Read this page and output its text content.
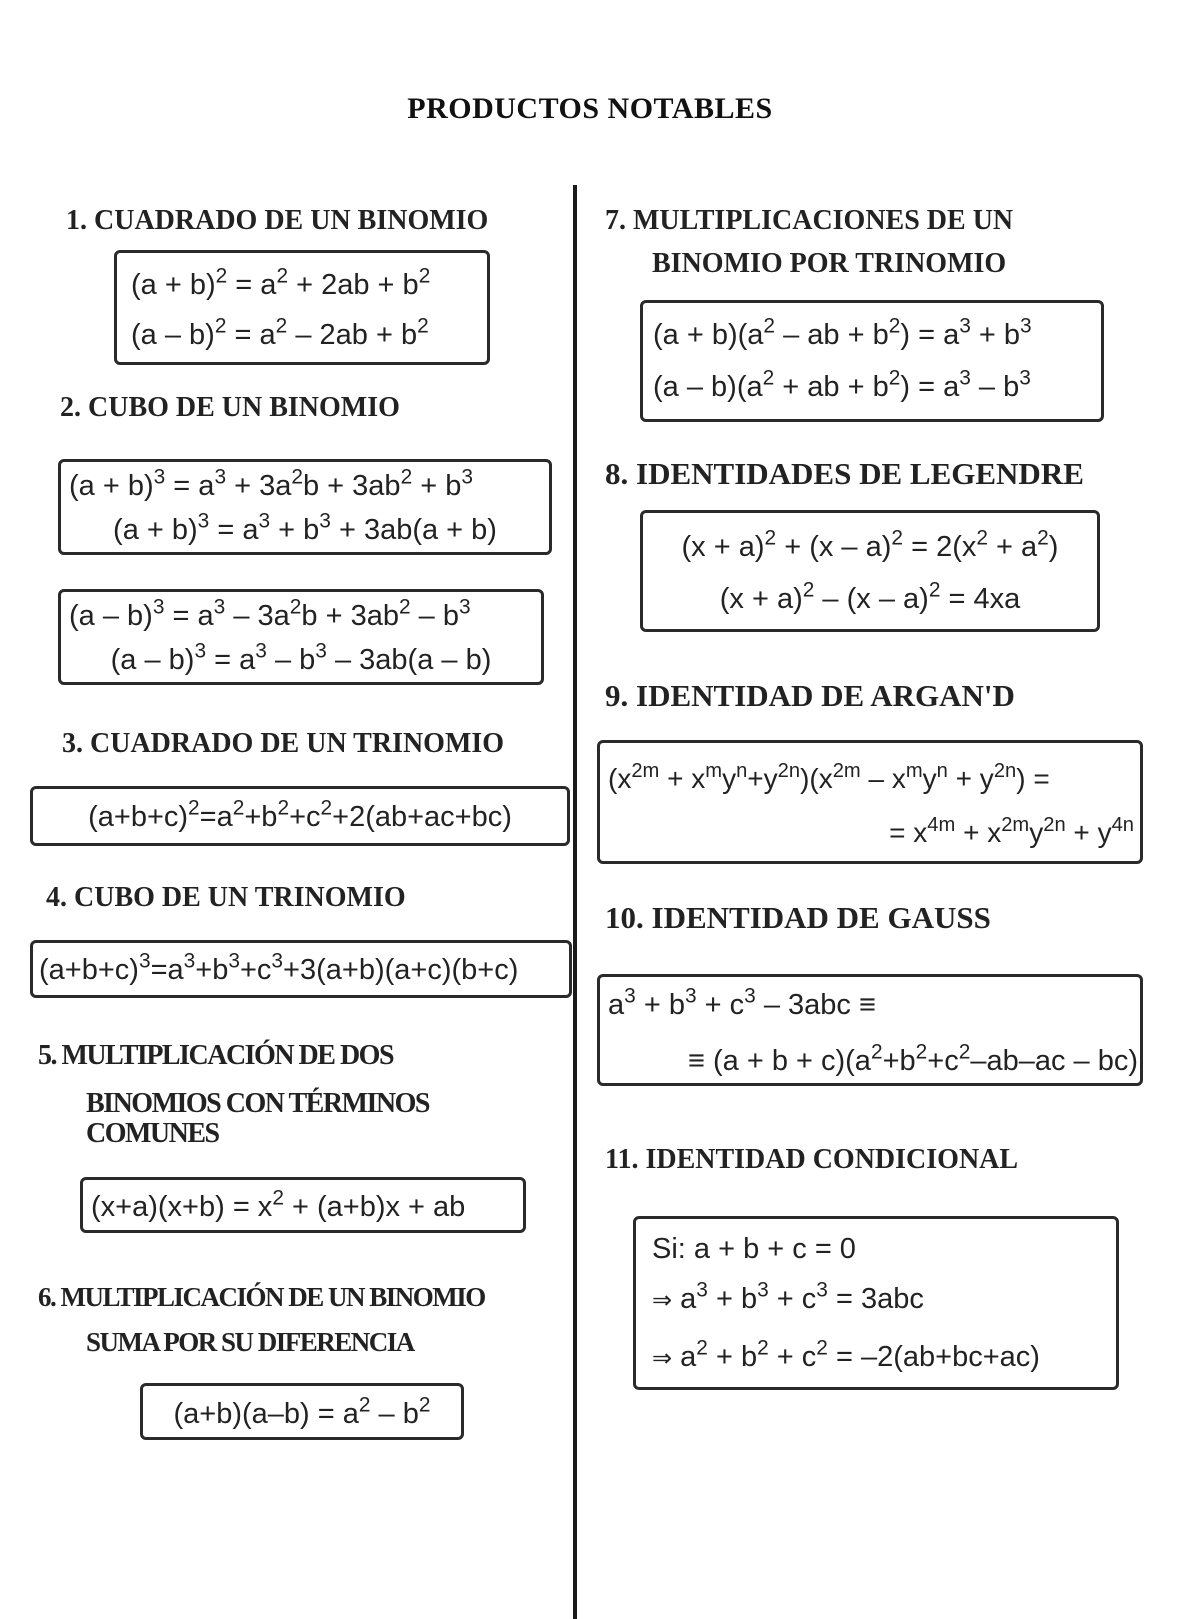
PRODUCTOS NOTABLES
1. CUADRADO DE UN BINOMIO
$(a + b)^2 = a^2 + 2ab + b^2$
$(a - b)^2 = a^2 - 2ab + b^2$
2. CUBO DE UN BINOMIO
$(a + b)^3 = a^3 + 3a^2b + 3ab^2 + b^3$
$(a + b)^3 = a^3 + b^3 + 3ab(a + b)$
$(a - b)^3 = a^3 - 3a^2b + 3ab^2 - b^3$
$(a - b)^3 = a^3 - b^3 - 3ab(a - b)$
3. CUADRADO DE UN TRINOMIO
$(a+b+c)^2=a^2+b^2+c^2+2(ab+ac+bc)$
4. CUBO DE UN TRINOMIO
$(a+b+c)^3=a^3+b^3+c^3+3(a+b)(a+c)(b+c)$
5. MULTIPLICACIÓN DE DOS
BINOMIOS CON TÉRMINOS
COMUNES
$(x+a)(x+b) = x^2 + (a+b)x$ + ab
6. MULTIPLICACIÓN DE UN BINOMIO
SUMA POR SU DIFERENCIA
$(a+b)(a-b) = a^2 - b^2$
7. MULTIPLICACIONES DE UN
BINOMIO POR TRINOMIO
$(a + b)(a^2$ – ab + $b^2) = a^3 + b^3$
$(a - b)(a^2$ + ab + $b^2) = a^3 - b^3$
8. IDENTIDADES DE LEGENDRE
$(x + a)^2 + (x - a)^2 = 2(x^2 + a^2)$
$(x + a)^2 - (x - a)^2 = 4xa$
9. IDENTIDAD DE ARGAN'D
$(x^{2m} + x^my^n+y^{2n})(x^{2m} - x^my^n + y^{2n})$ =
= $x^{4m} + x^{2m}y^{2n} + y^{4n}$
10. IDENTIDAD DE GAUSS
$a^3 + b^3 + c^3 - 3abc$ ≡
≡ $(a + b + c)(a^2+b^2+c^2-ab-ac - bc)$
11. IDENTIDAD CONDICIONAL
Si: a + b + c = 0
⇒ $a^3 + b^3 + c^3 = 3abc$
⇒ $a^2 + b^2 + c^2 = -2(ab+bc+ac)$
